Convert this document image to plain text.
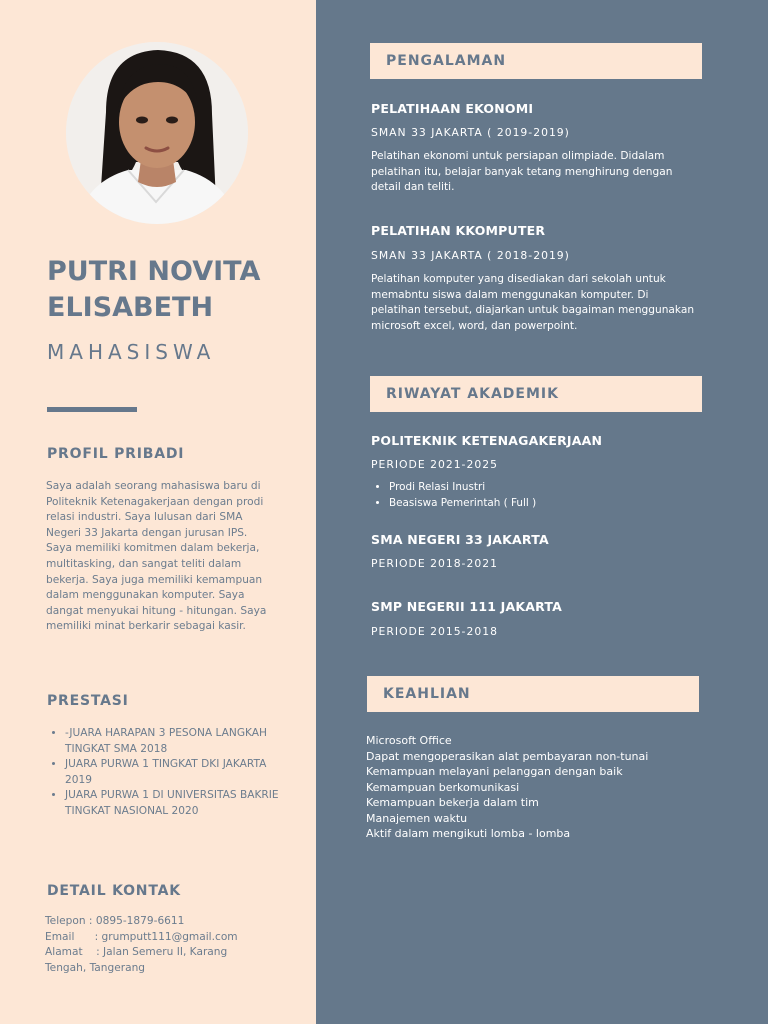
PUTRI NOVITA
ELISABETH
MAHASISWA
PROFIL PRIBADI
Saya adalah seorang mahasiswa baru di Politeknik Ketenagakerjaan dengan prodi relasi industri. Saya lulusan dari SMA Negeri 33 Jakarta dengan jurusan IPS. Saya memiliki komitmen dalam bekerja, multitasking, dan sangat teliti dalam bekerja. Saya juga memiliki kemampuan dalam menggunakan komputer. Saya dangat menyukai hitung - hitungan. Saya memiliki minat berkarir sebagai kasir.
PRESTASI
• -JUARA HARAPAN 3 PESONA LANGKAH TINGKAT SMA 2018
• JUARA PURWA 1 TINGKAT DKI JAKARTA 2019
• JUARA PURWA 1 DI UNIVERSITAS BAKRIE TINGKAT NASIONAL 2020
DETAIL KONTAK
Telepon : 0895-1879-6611
Email      : grumputt111@gmail.com
Alamat    : Jalan Semeru II, Karang
Tengah, Tangerang
PENGALAMAN
PELATIHAAN EKONOMI
SMAN 33 JAKARTA ( 2019-2019)
Pelatihan ekonomi untuk persiapan olimpiade. Didalam pelatihan itu, belajar banyak tetang menghirung dengan detail dan teliti.
PELATIHAN KKOMPUTER
SMAN 33 JAKARTA ( 2018-2019)
Pelatihan komputer yang disediakan dari sekolah untuk memabntu siswa dalam menggunakan komputer. Di pelatihan tersebut, diajarkan untuk bagaiman menggunakan microsoft excel, word, dan powerpoint.
RIWAYAT AKADEMIK
POLITEKNIK KETENAGAKERJAAN
PERIODE 2021-2025
• Prodi Relasi Inustri
• Beasiswa Pemerintah ( Full )
SMA NEGERI 33 JAKARTA
PERIODE 2018-2021
SMP NEGERII 111 JAKARTA
PERIODE 2015-2018
KEAHLIAN
Microsoft Office
Dapat mengoperasikan alat pembayaran non-tunai
Kemampuan melayani pelanggan dengan baik
Kemampuan berkomunikasi
Kemampuan bekerja dalam tim
Manajemen waktu
Aktif dalam mengikuti lomba - lomba
